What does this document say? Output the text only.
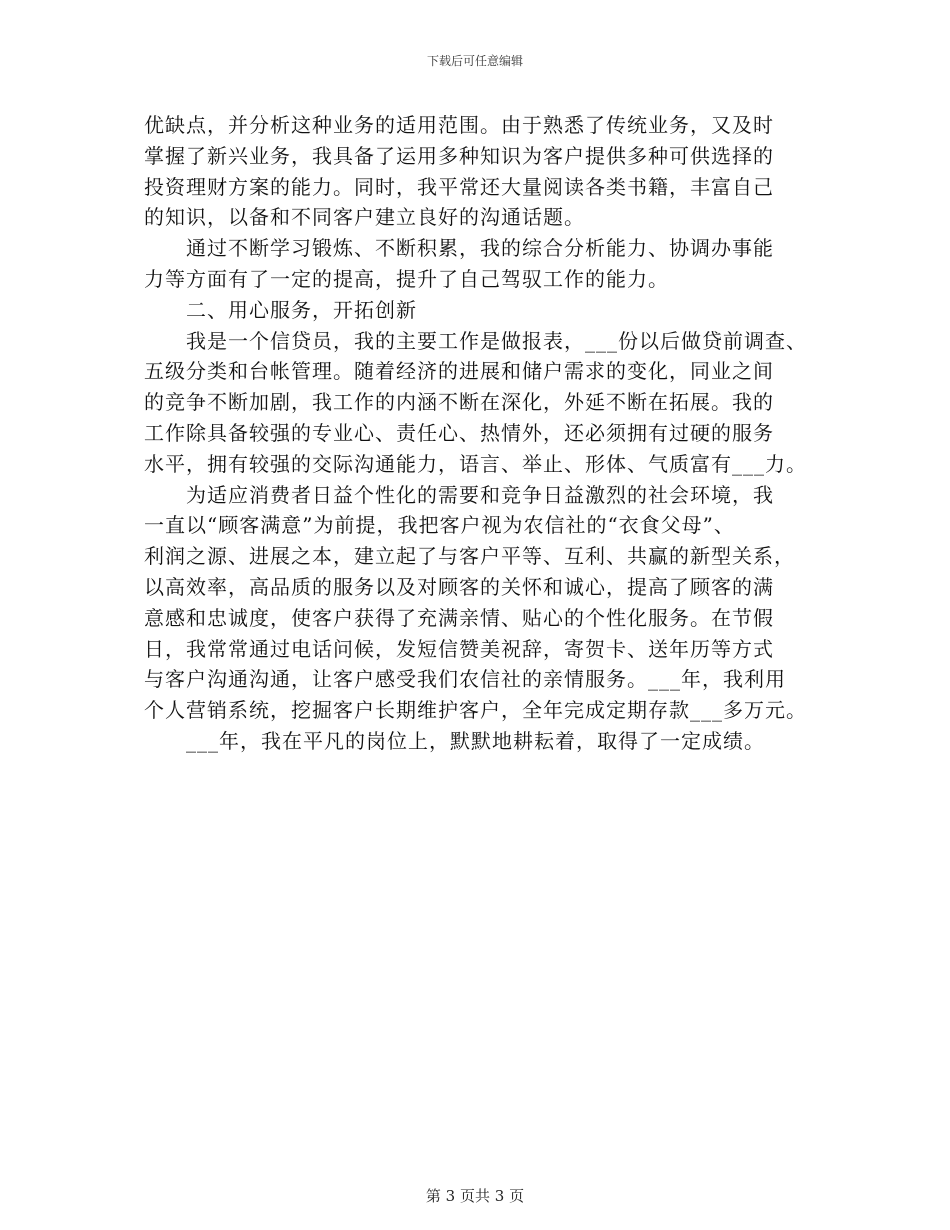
下载后可任意编辑
优缺点，并分析这种业务的适用范围。由于熟悉了传统业务，又及时
掌握了新兴业务，我具备了运用多种知识为客户提供多种可供选择的
投资理财方案的能力。同时，我平常还大量阅读各类书籍，丰富自己
的知识，以备和不同客户建立良好的沟通话题。
　　通过不断学习锻炼、不断积累，我的综合分析能力、协调办事能
力等方面有了一定的提高，提升了自己驾驭工作的能力。
　　二、用心服务，开拓创新
　　我是一个信贷员，我的主要工作是做报表，___份以后做贷前调查、
五级分类和台帐管理。随着经济的进展和储户需求的变化，同业之间
的竞争不断加剧，我工作的内涵不断在深化，外延不断在拓展。我的
工作除具备较强的专业心、责任心、热情外，还必须拥有过硬的服务
水平，拥有较强的交际沟通能力，语言、举止、形体、气质富有___力。
　　为适应消费者日益个性化的需要和竞争日益激烈的社会环境，我
一直以“顾客满意”为前提，我把客户视为农信社的“衣食父母”、
利润之源、进展之本，建立起了与客户平等、互利、共赢的新型关系，
以高效率，高品质的服务以及对顾客的关怀和诚心，提高了顾客的满
意感和忠诚度，使客户获得了充满亲情、贴心的个性化服务。在节假
日，我常常通过电话问候，发短信赞美祝辞，寄贺卡、送年历等方式
与客户沟通沟通，让客户感受我们农信社的亲情服务。___年，我利用
个人营销系统，挖掘客户长期维护客户，全年完成定期存款___多万元。
　　___年，我在平凡的岗位上，默默地耕耘着，取得了一定成绩。
第 3 页共 3 页
